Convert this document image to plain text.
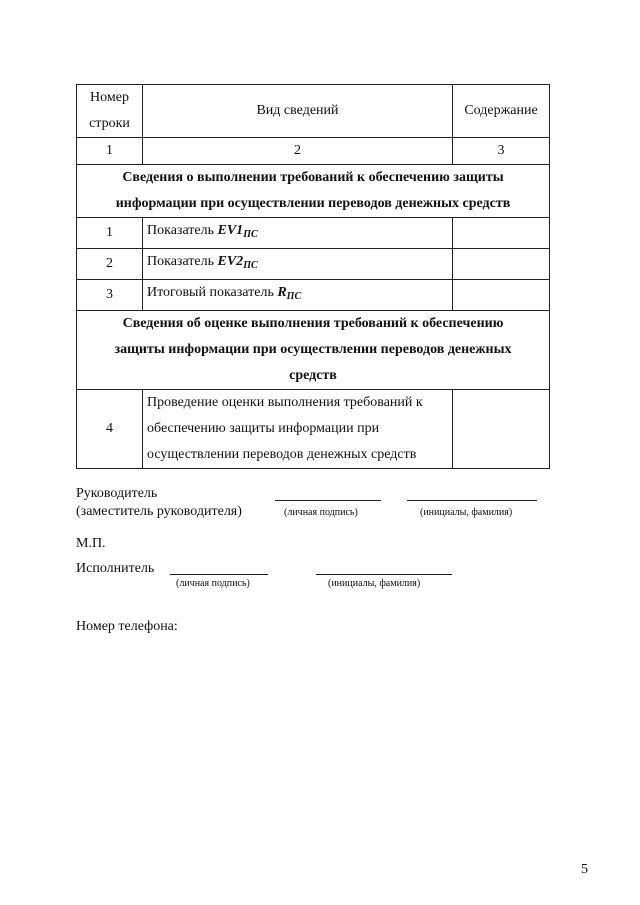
Номер
строки	Вид сведений	Содержание
1	2	3

Сведения о выполнении требований к обеспечению защиты
информации при осуществлении переводов денежных средств		

1	Показатель $EV1_{ПС}$	
2	Показатель $EV2_{ПС}$	
3	Итоговый показатель $R_{ПС}$	

Сведения об оценке выполнения требований к обеспечению
защиты информации при осуществлении переводов денежных
средств		

4	Проведение оценки выполнения требований к
обеспечению защиты информации при
осуществлении переводов денежных средств	

Руководитель
(заместитель руководителя)	(личная подпись)	(инициалы, фамилия)
М.П.
Исполнитель
(личная подпись)	(инициалы, фамилия)
Номер телефона:
5
